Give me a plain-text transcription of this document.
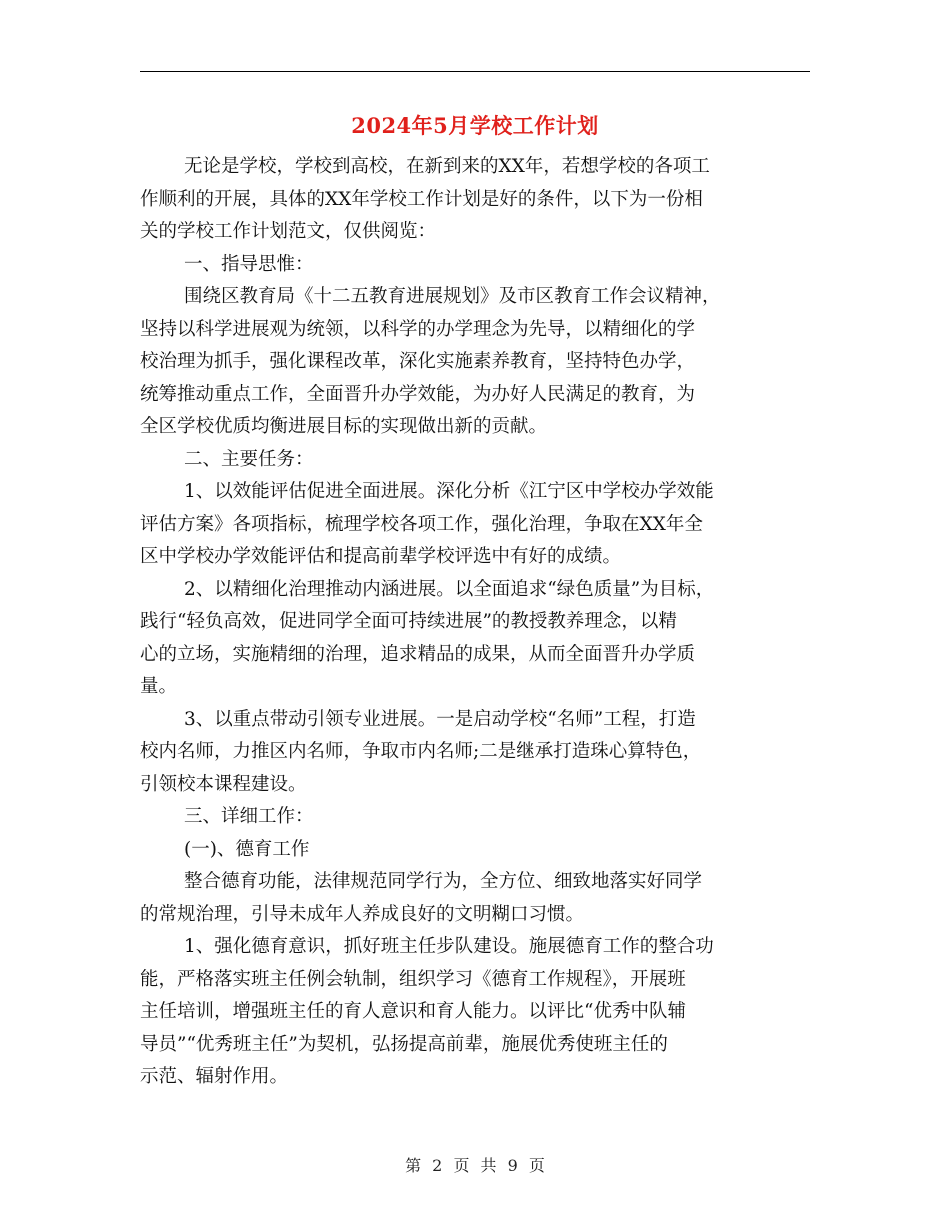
2024年5月学校工作计划

无论是学校，学校到高校，在新到来的XX年，若想学校的各项工
作顺利的开展，具体的XX年学校工作计划是好的条件，以下为一份相
关的学校工作计划范文，仅供阅览：

一、指导思惟：

围绕区教育局《十二五教育进展规划》及市区教育工作会议精神，
坚持以科学进展观为统领，以科学的办学理念为先导，以精细化的学
校治理为抓手，强化课程改革，深化实施素养教育，坚持特色办学，
统筹推动重点工作，全面晋升办学效能，为办好人民满足的教育，为
全区学校优质均衡进展目标的实现做出新的贡献。

二、主要任务：

1、以效能评估促进全面进展。深化分析《江宁区中学校办学效能
评估方案》各项指标，梳理学校各项工作，强化治理，争取在XX年全
区中学校办学效能评估和提高前辈学校评选中有好的成绩。

2、以精细化治理推动内涵进展。以全面追求“绿色质量”为目标，
践行“轻负高效，促进同学全面可持续进展”的教授教养理念，以精
心的立场，实施精细的治理，追求精品的成果，从而全面晋升办学质
量。

3、以重点带动引领专业进展。一是启动学校“名师”工程，打造
校内名师，力推区内名师，争取市内名师;二是继承打造珠心算特色，
引领校本课程建设。

三、详细工作：

(一)、德育工作

整合德育功能，法律规范同学行为，全方位、细致地落实好同学
的常规治理，引导未成年人养成良好的文明糊口习惯。

1、强化德育意识，抓好班主任步队建设。施展德育工作的整合功
能，严格落实班主任例会轨制，组织学习《德育工作规程》，开展班
主任培训，增强班主任的育人意识和育人能力。以评比“优秀中队辅
导员”“优秀班主任”为契机，弘扬提高前辈，施展优秀使班主任的
示范、辐射作用。

第 2 页 共 9 页
